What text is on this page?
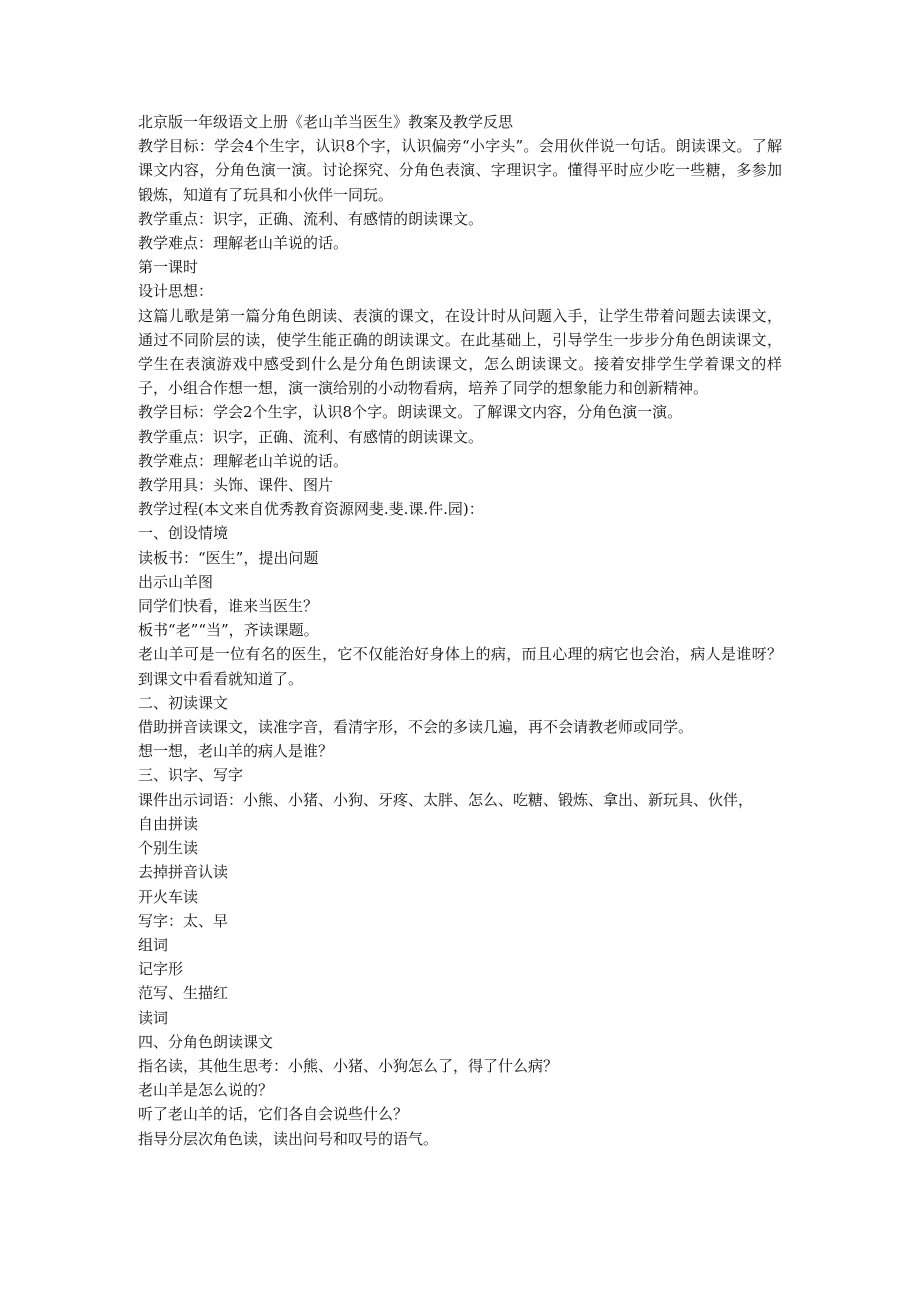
北京版一年级语文上册《老山羊当医生》教案及教学反思

教学目标：学会4个生字，认识8个字，认识偏旁“小字头”。会用伙伴说一句话。朗读课文。了解课文内容，分角色演一演。讨论探究、分角色表演、字理识字。懂得平时应少吃一些糖，多参加锻炼，知道有了玩具和小伙伴一同玩。

教学重点：识字，正确、流利、有感情的朗读课文。

教学难点：理解老山羊说的话。

第一课时

设计思想：

这篇儿歌是第一篇分角色朗读、表演的课文，在设计时从问题入手，让学生带着问题去读课文，通过不同阶层的读，使学生能正确的朗读课文。在此基础上，引导学生一步步分角色朗读课文，学生在表演游戏中感受到什么是分角色朗读课文，怎么朗读课文。接着安排学生学着课文的样子，小组合作想一想，演一演给别的小动物看病，培养了同学的想象能力和创新精神。

教学目标：学会2个生字，认识8个字。朗读课文。了解课文内容，分角色演一演。

教学重点：识字，正确、流利、有感情的朗读课文。

教学难点：理解老山羊说的话。

教学用具：头饰、课件、图片

教学过程(本文来自优秀教育资源网斐.斐.课.件.园)：

一、创设情境

读板书：“医生”，提出问题

出示山羊图

同学们快看，谁来当医生？

板书“老”“当”，齐读课题。

老山羊可是一位有名的医生，它不仅能治好身体上的病，而且心理的病它也会治，病人是谁呀？到课文中看看就知道了。

二、初读课文

借助拼音读课文，读准字音，看清字形，不会的多读几遍，再不会请教老师或同学。

想一想，老山羊的病人是谁？

三、识字、写字

课件出示词语：小熊、小猪、小狗、牙疼、太胖、怎么、吃糖、锻炼、拿出、新玩具、伙伴，

自由拼读

个别生读

去掉拼音认读

开火车读

写字：太、早

组词

记字形

范写、生描红

读词

四、分角色朗读课文

指名读，其他生思考：小熊、小猪、小狗怎么了，得了什么病？

老山羊是怎么说的？

听了老山羊的话，它们各自会说些什么？

指导分层次角色读，读出问号和叹号的语气。
